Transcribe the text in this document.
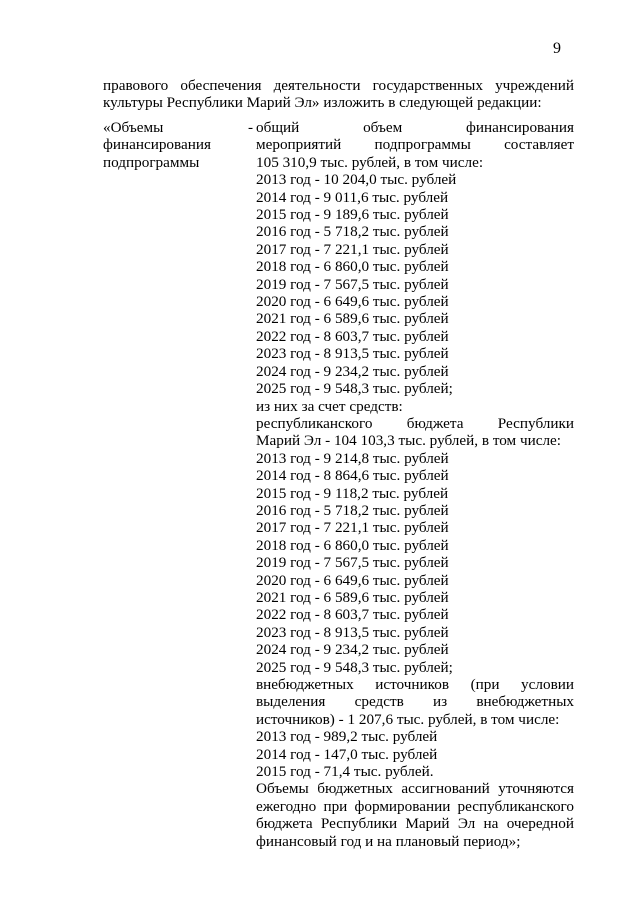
9
правового обеспечения деятельности государственных учреждений
культуры Республики Марий Эл» изложить в следующей редакции:
«Объемы	-
финансирования
подпрограммы
общий объем финансирования
мероприятий подпрограммы составляет
105 310,9 тыс. рублей, в том числе:
2013 год - 10 204,0 тыс. рублей
2014 год - 9 011,6 тыс. рублей
2015 год - 9 189,6 тыс. рублей
2016 год - 5 718,2 тыс. рублей
2017 год - 7 221,1 тыс. рублей
2018 год - 6 860,0 тыс. рублей
2019 год - 7 567,5 тыс. рублей
2020 год - 6 649,6 тыс. рублей
2021 год - 6 589,6 тыс. рублей
2022 год - 8 603,7 тыс. рублей
2023 год - 8 913,5 тыс. рублей
2024 год - 9 234,2 тыс. рублей
2025 год - 9 548,3 тыс. рублей;
из них за счет средств:
республиканского бюджета Республики
Марий Эл - 104 103,3 тыс. рублей, в том числе:
2013 год - 9 214,8 тыс. рублей
2014 год - 8 864,6 тыс. рублей
2015 год - 9 118,2 тыс. рублей
2016 год - 5 718,2 тыс. рублей
2017 год - 7 221,1 тыс. рублей
2018 год - 6 860,0 тыс. рублей
2019 год - 7 567,5 тыс. рублей
2020 год - 6 649,6 тыс. рублей
2021 год - 6 589,6 тыс. рублей
2022 год - 8 603,7 тыс. рублей
2023 год - 8 913,5 тыс. рублей
2024 год - 9 234,2 тыс. рублей
2025 год - 9 548,3 тыс. рублей;
внебюджетных источников (при условии
выделения средств из внебюджетных
источников) - 1 207,6 тыс. рублей, в том числе:
2013 год - 989,2 тыс. рублей
2014 год - 147,0 тыс. рублей
2015 год - 71,4 тыс. рублей.
Объемы бюджетных ассигнований уточняются
ежегодно при формировании республиканского
бюджета Республики Марий Эл на очередной
финансовый год и на плановый период»;
